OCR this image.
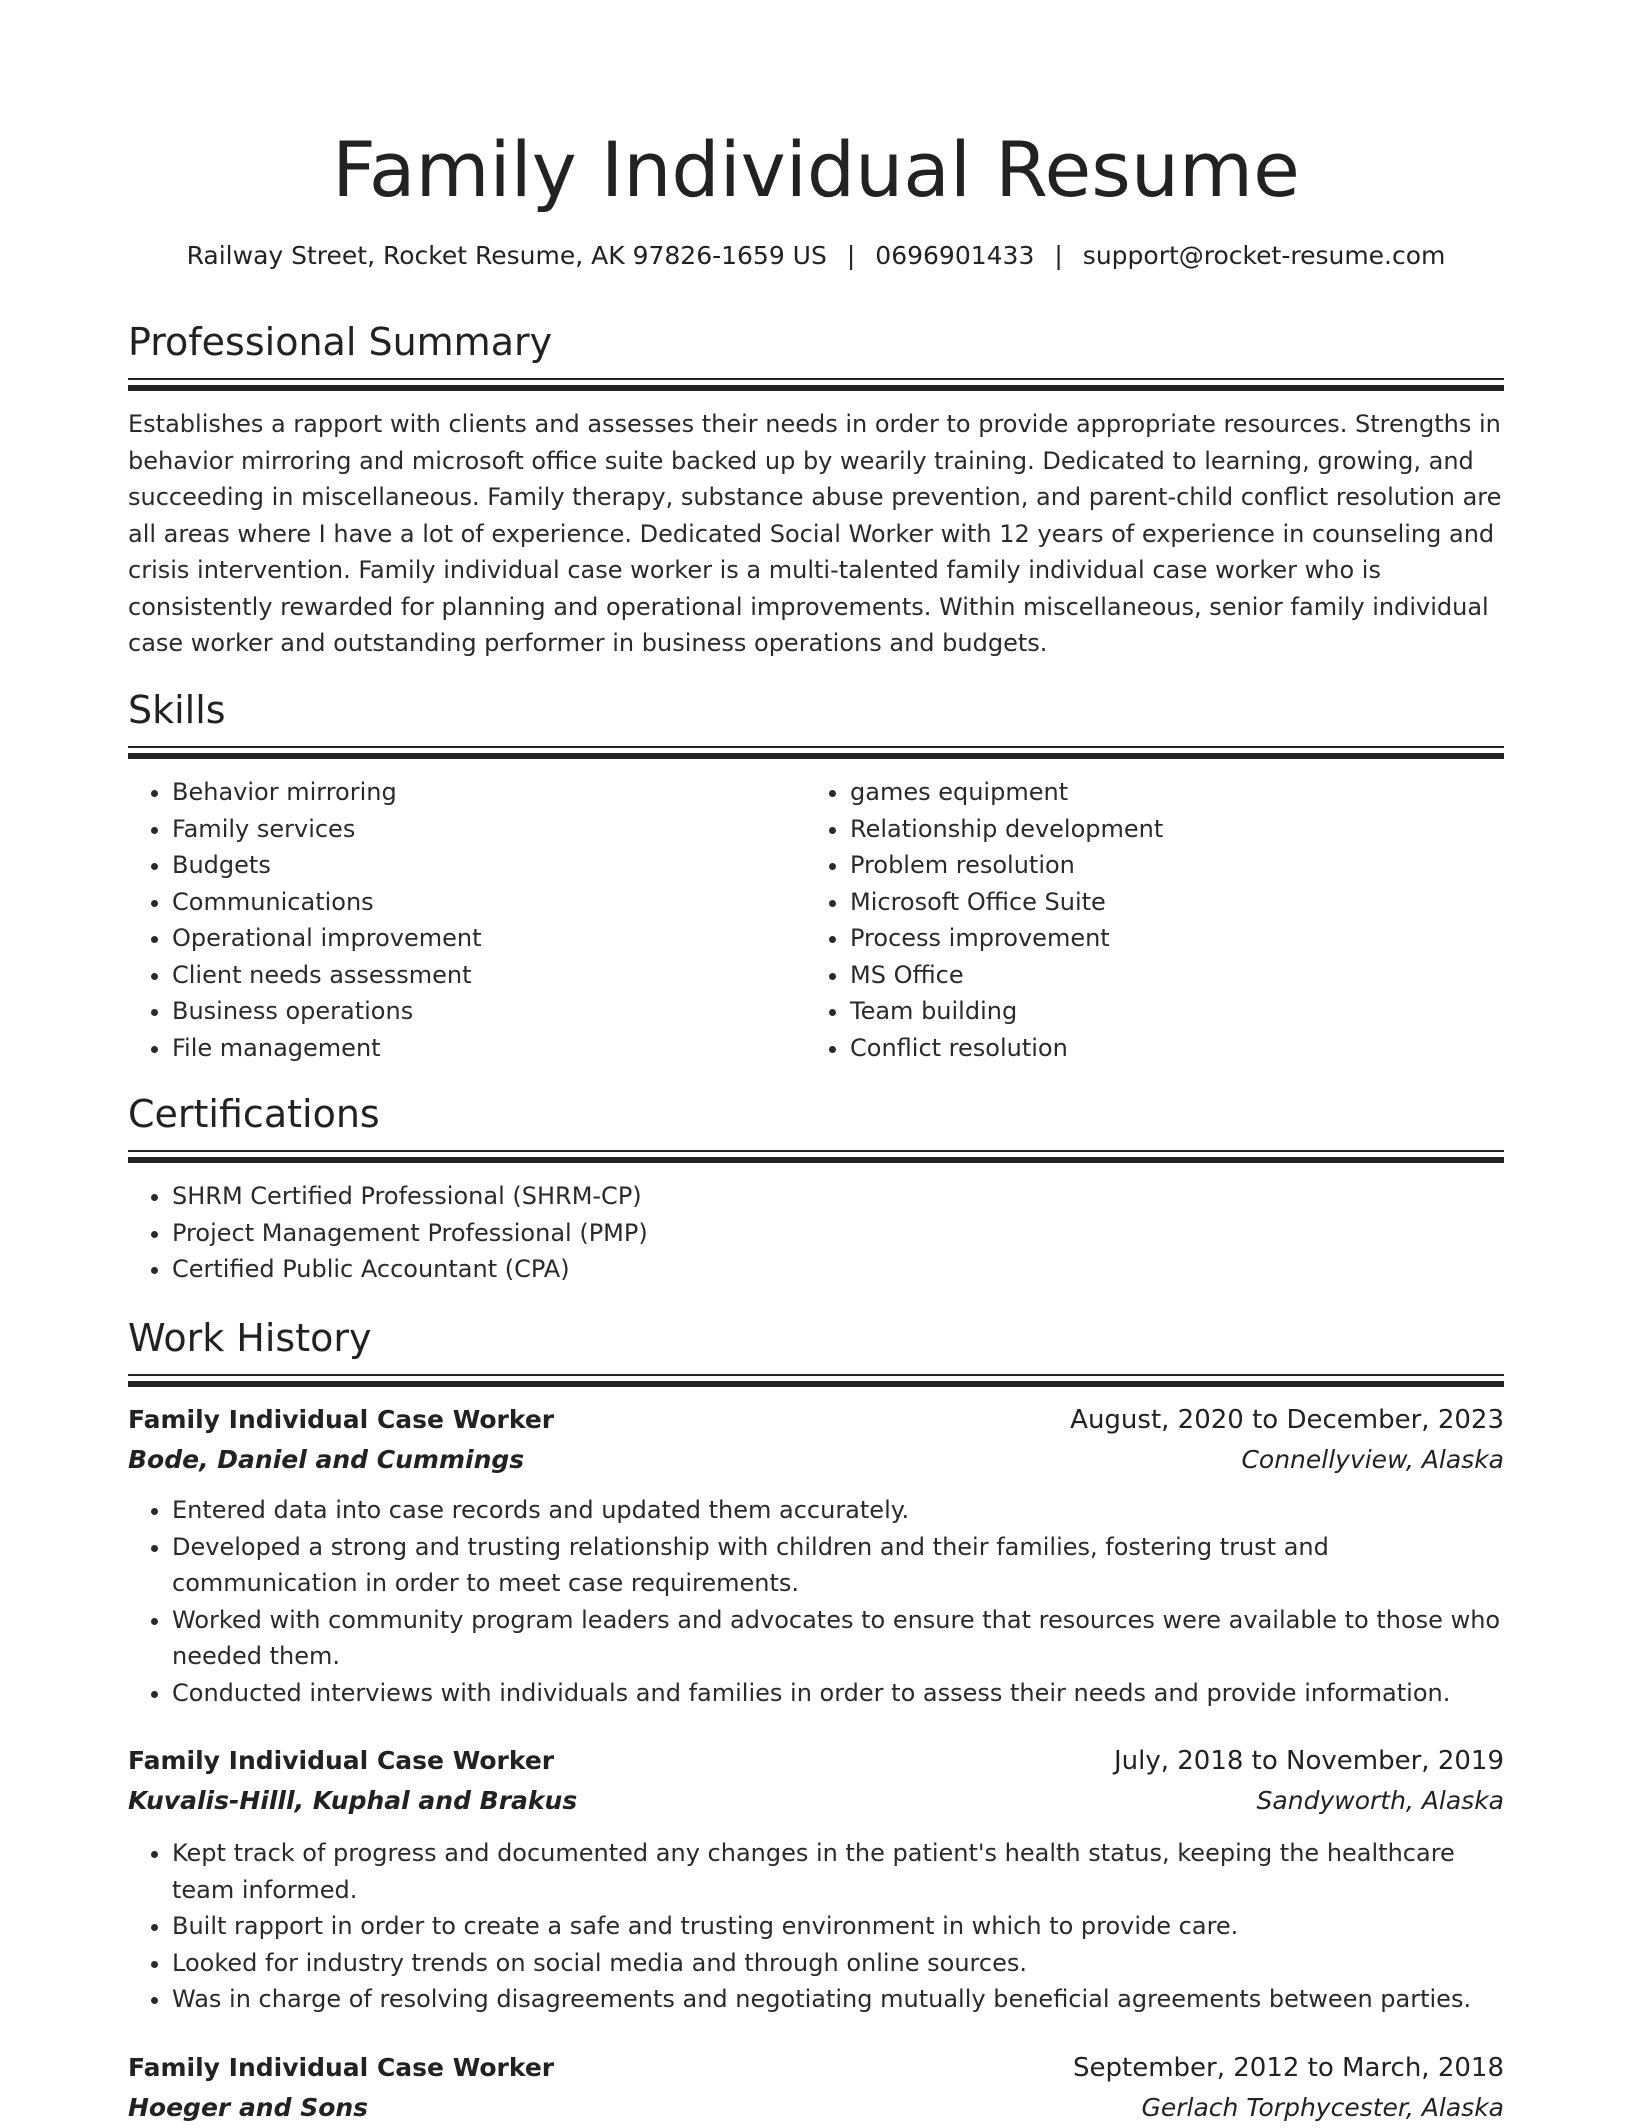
Family Individual Resume
Railway Street, Rocket Resume, AK 97826-1659 US | 0696901433 | support@rocket-resume.com
Professional Summary

Establishes a rapport with clients and assesses their needs in order to provide appropriate resources. Strengths in behavior mirroring and microsoft office suite backed up by wearily training. Dedicated to learning, growing, and succeeding in miscellaneous. Family therapy, substance abuse prevention, and parent-child conflict resolution are all areas where I have a lot of experience. Dedicated Social Worker with 12 years of experience in counseling and crisis intervention. Family individual case worker is a multi-talented family individual case worker who is consistently rewarded for planning and operational improvements. Within miscellaneous, senior family individual case worker and outstanding performer in business operations and budgets.

Skills
• Behavior mirroring
• Family services
• Budgets
• Communications
• Operational improvement
• Client needs assessment
• Business operations
• File management
• games equipment
• Relationship development
• Problem resolution
• Microsoft Office Suite
• Process improvement
• MS Office
• Team building
• Conflict resolution
Certifications
• SHRM Certified Professional (SHRM-CP)
• Project Management Professional (PMP)
• Certified Public Accountant (CPA)
Work History
Family Individual Case Worker	August, 2020 to December, 2023
Bode, Daniel and Cummings	Connellyview, Alaska
• Entered data into case records and updated them accurately.
• Developed a strong and trusting relationship with children and their families, fostering trust and communication in order to meet case requirements.
• Worked with community program leaders and advocates to ensure that resources were available to those who needed them.
• Conducted interviews with individuals and families in order to assess their needs and provide information.
Family Individual Case Worker	July, 2018 to November, 2019
Kuvalis-Hilll, Kuphal and Brakus	Sandyworth, Alaska
• Kept track of progress and documented any changes in the patient's health status, keeping the healthcare team informed.
• Built rapport in order to create a safe and trusting environment in which to provide care.
• Looked for industry trends on social media and through online sources.
• Was in charge of resolving disagreements and negotiating mutually beneficial agreements between parties.
Family Individual Case Worker	September, 2012 to March, 2018
Hoeger and Sons	Gerlach Torphycester, Alaska
